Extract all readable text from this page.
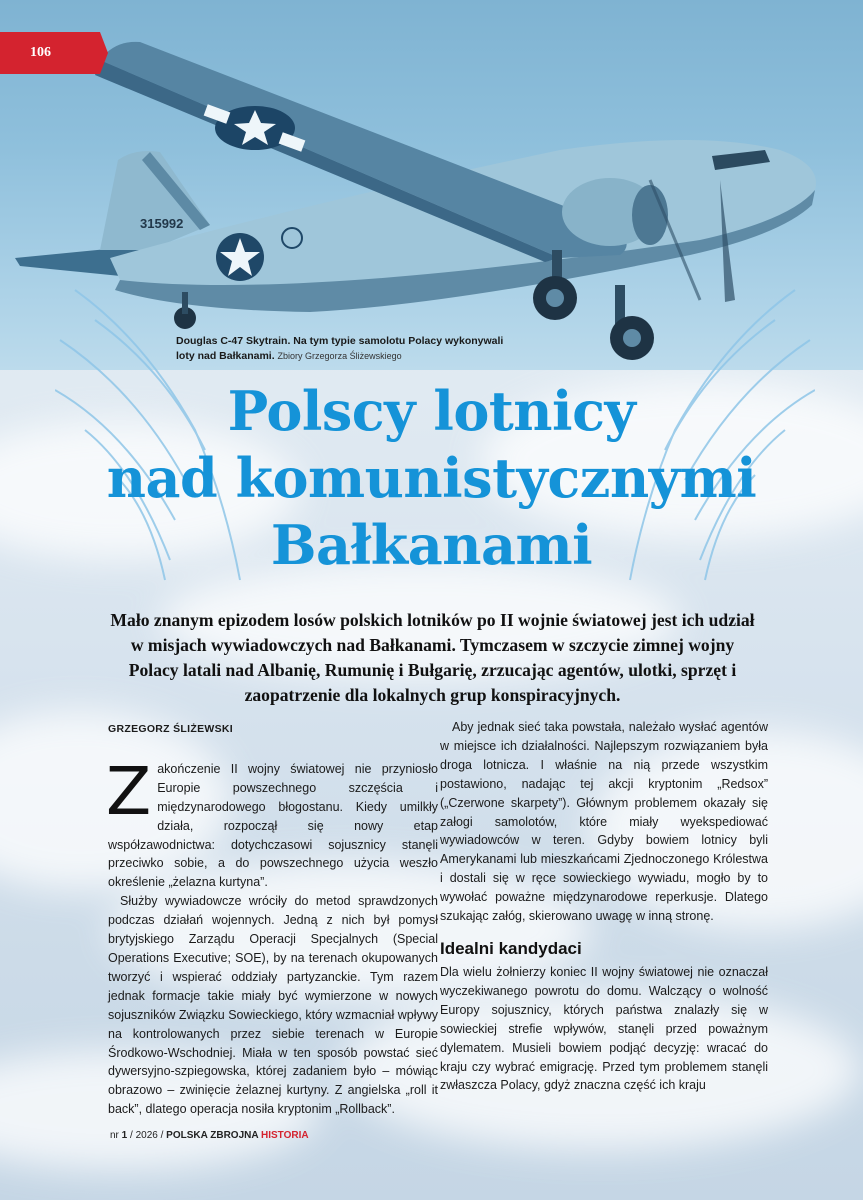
315992
106
Douglas C-47 Skytrain. Na tym typie samolotu Polacy wykonywali loty nad Bałkanami. Zbiory Grzegorza Śliżewskiego
Polscy lotnicy
nad komunistycznymi
Bałkanami
Mało znanym epizodem losów polskich lotników po II wojnie światowej jest ich udział w misjach wywiadowczych nad Bałkanami. Tymczasem w szczycie zimnej wojny Polacy latali nad Albanię, Rumunię i Bułgarię, zrzucając agentów, ulotki, sprzęt i zaopatrzenie dla lokalnych grup konspiracyjnych.

GRZEGORZ ŚLIŻEWSKI

Zakończenie II wojny światowej nie przyniosło Europie powszechnego szczęścia i międzynarodowego błogostanu. Kiedy umilkły działa, rozpoczął się nowy etap współzawodnictwa: dotychczasowi sojusznicy stanęli przeciwko sobie, a do powszechnego użycia weszło określenie „żelazna kurtyna”.

Służby wywiadowcze wróciły do metod sprawdzonych podczas działań wojennych. Jedną z nich był pomysł brytyjskiego Zarządu Operacji Specjalnych (Special Operations Executive; SOE), by na terenach okupowanych tworzyć i wspierać oddziały partyzanckie. Tym razem jednak formacje takie miały być wymierzone w nowych sojuszników Związku Sowieckiego, który wzmacniał wpływy na kontrolowanych przez siebie terenach w Europie Środkowo-Wschodniej. Miała w ten sposób powstać sieć dywersyjno-szpiegowska, której zadaniem było – mówiąc obrazowo – zwinięcie żelaznej kurtyny. Z angielska „roll it back”, dlatego operacja nosiła kryptonim „Rollback”.

Aby jednak sieć taka powstała, należało wysłać agentów w miejsce ich działalności. Najlepszym rozwiązaniem była droga lotnicza. I właśnie na nią przede wszystkim postawiono, nadając tej akcji kryptonim „Redsox” („Czerwone skarpety”). Głównym problemem okazały się załogi samolotów, które miały wyekspediować wywiadowców w teren. Gdyby bowiem lotnicy byli Amerykanami lub mieszkańcami Zjednoczonego Królestwa i dostali się w ręce sowieckiego wywiadu, mogło by to wywołać poważne międzynarodowe reperkusje. Dlatego szukając załóg, skierowano uwagę w inną stronę.

Idealni kandydaci

Dla wielu żołnierzy koniec II wojny światowej nie oznaczał wyczekiwanego powrotu do domu. Walczący o wolność Europy sojusznicy, których państwa znalazły się w sowieckiej strefie wpływów, stanęli przed poważnym dylematem. Musieli bowiem podjąć decyzję: wracać do kraju czy wybrać emigrację. Przed tym problemem stanęli zwłaszcza Polacy, gdyż znaczna część ich kraju

nr 1 / 2026 / POLSKA ZBROJNA HISTORIA
